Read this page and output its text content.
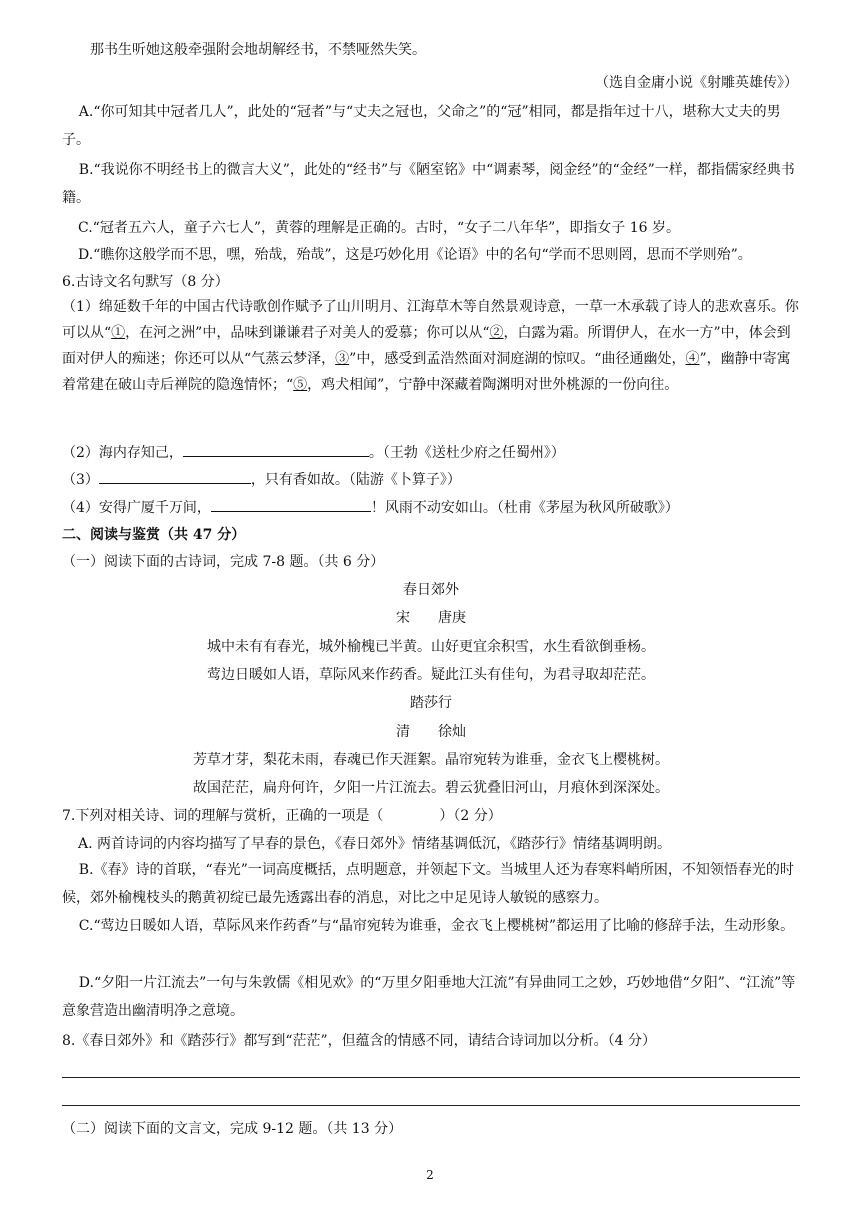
那书生听她这般牵强附会地胡解经书，不禁哑然失笑。

（选自金庸小说《射雕英雄传》）

A.“你可知其中冠者几人”，此处的“冠者”与“丈夫之冠也，父命之”的“冠”相同，都是指年过十八，堪称大丈夫的男子。

B.“我说你不明经书上的微言大义”，此处的“经书”与《陋室铭》中“调素琴，阅金经”的“金经”一样，都指儒家经典书籍。

C.“冠者五六人，童子六七人”，黄蓉的理解是正确的。古时，“女子二八年华”，即指女子 16 岁。

D.“瞧你这般学而不思，嘿，殆哉，殆哉”，这是巧妙化用《论语》中的名句“学而不思则罔，思而不学则殆”。

6.古诗文名句默写（8 分）

（1）绵延数千年的中国古代诗歌创作赋予了山川明月、江海草木等自然景观诗意，一草一木承载了诗人的悲欢喜乐。你可以从“①，在河之洲”中，品味到谦谦君子对美人的爱慕；你可以从“②，白露为霜。所谓伊人，在水一方”中，体会到面对伊人的痴迷；你还可以从“气蒸云梦泽，③”中，感受到孟浩然面对洞庭湖的惊叹。“曲径通幽处，④”，幽静中寄寓着常建在破山寺后禅院的隐逸情怀；“⑤，鸡犬相闻”，宁静中深藏着陶渊明对世外桃源的一份向往。

（2）海内存知己，	。（王勃《送杜少府之任蜀州》）

（3）	，只有香如故。（陆游《卜算子》）

（4）安得广厦千万间，	！风雨不动安如山。（杜甫《茅屋为秋风所破歌》）

二、阅读与鉴赏（共 47 分）

（一）阅读下面的古诗词，完成 7-8 题。（共 6 分）

春日郊外

宋 唐庚

城中未有有春光，城外榆槐已半黄。山好更宜余积雪，水生看欲倒垂杨。

莺边日暖如人语，草际风来作药香。疑此江头有佳句，为君寻取却茫茫。

踏莎行

清 徐灿

芳草才芽，梨花未雨，春魂已作天涯絮。晶帘宛转为谁垂，金衣飞上樱桃树。

故国茫茫，扁舟何许，夕阳一片江流去。碧云犹叠旧河山，月痕休到深深处。

7.下列对相关诗、词的理解与赏析，正确的一项是（	）（2 分）

A. 两首诗词的内容均描写了早春的景色，《春日郊外》情绪基调低沉，《踏莎行》情绪基调明朗。

B.《春》诗的首联，“春光”一词高度概括，点明题意，并领起下文。当城里人还为春寒料峭所困，不知领悟春光的时候，郊外榆槐枝头的鹅黄初绽已最先透露出春的消息，对比之中足见诗人敏锐的感察力。

C.“莺边日暖如人语，草际风来作药香”与“晶帘宛转为谁垂，金衣飞上樱桃树”都运用了比喻的修辞手法，生动形象。

D.“夕阳一片江流去”一句与朱敦儒《相见欢》的“万里夕阳垂地大江流”有异曲同工之妙，巧妙地借“夕阳”、“江流”等意象营造出幽清明净之意境。

8.《春日郊外》和《踏莎行》都写到“茫茫”，但蕴含的情感不同，请结合诗词加以分析。（4 分）

（二）阅读下面的文言文，完成 9-12 题。（共 13 分）

2
